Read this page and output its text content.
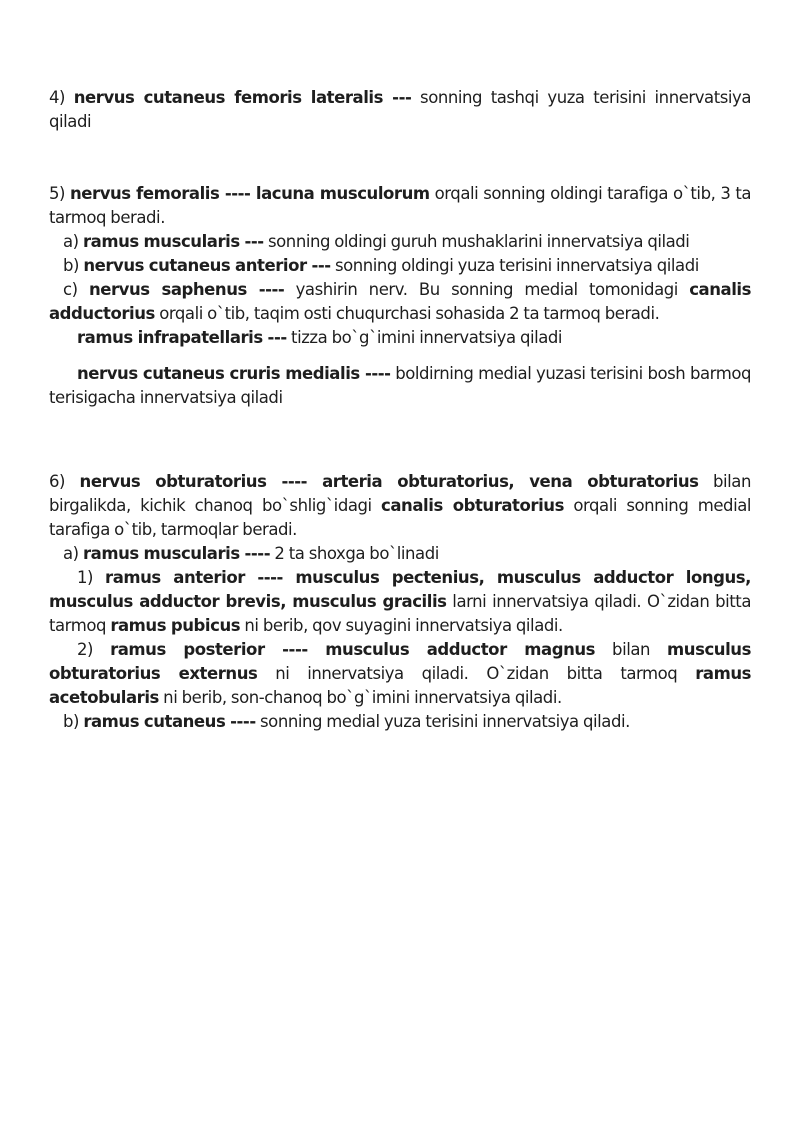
4) nervus cutaneus femoris lateralis --- sonning tashqi yuza terisini innervatsiya qiladi

5) nervus femoralis ---- lacuna musculorum orqali sonning oldingi tarafiga o`tib, 3 ta tarmoq beradi.

a) ramus muscularis --- sonning oldingi guruh mushaklarini innervatsiya qiladi

b) nervus cutaneus anterior --- sonning oldingi yuza terisini innervatsiya qiladi

c) nervus saphenus ---- yashirin nerv. Bu sonning medial tomonidagi canalis adductorius orqali o`tib, taqim osti chuqurchasi sohasida 2 ta tarmoq beradi.

ramus infrapatellaris --- tizza bo`g`imini innervatsiya qiladi

nervus cutaneus cruris medialis ---- boldirning medial yuzasi terisini bosh barmoq terisigacha innervatsiya qiladi

6) nervus obturatorius ---- arteria obturatorius, vena obturatorius bilan birgalikda, kichik chanoq bo`shlig`idagi canalis obturatorius orqali sonning medial tarafiga o`tib, tarmoqlar beradi.

a) ramus muscularis ---- 2 ta shoxga bo`linadi

1) ramus anterior ---- musculus pectenius, musculus adductor longus, musculus adductor brevis, musculus gracilis larni innervatsiya qiladi. O`zidan bitta tarmoq ramus pubicus ni berib, qov suyagini innervatsiya qiladi.

2) ramus posterior ---- musculus adductor magnus bilan musculus obturatorius externus ni innervatsiya qiladi. O`zidan bitta tarmoq ramus acetobularis ni berib, son-chanoq bo`g`imini innervatsiya qiladi.

b) ramus cutaneus ---- sonning medial yuza terisini innervatsiya qiladi.
